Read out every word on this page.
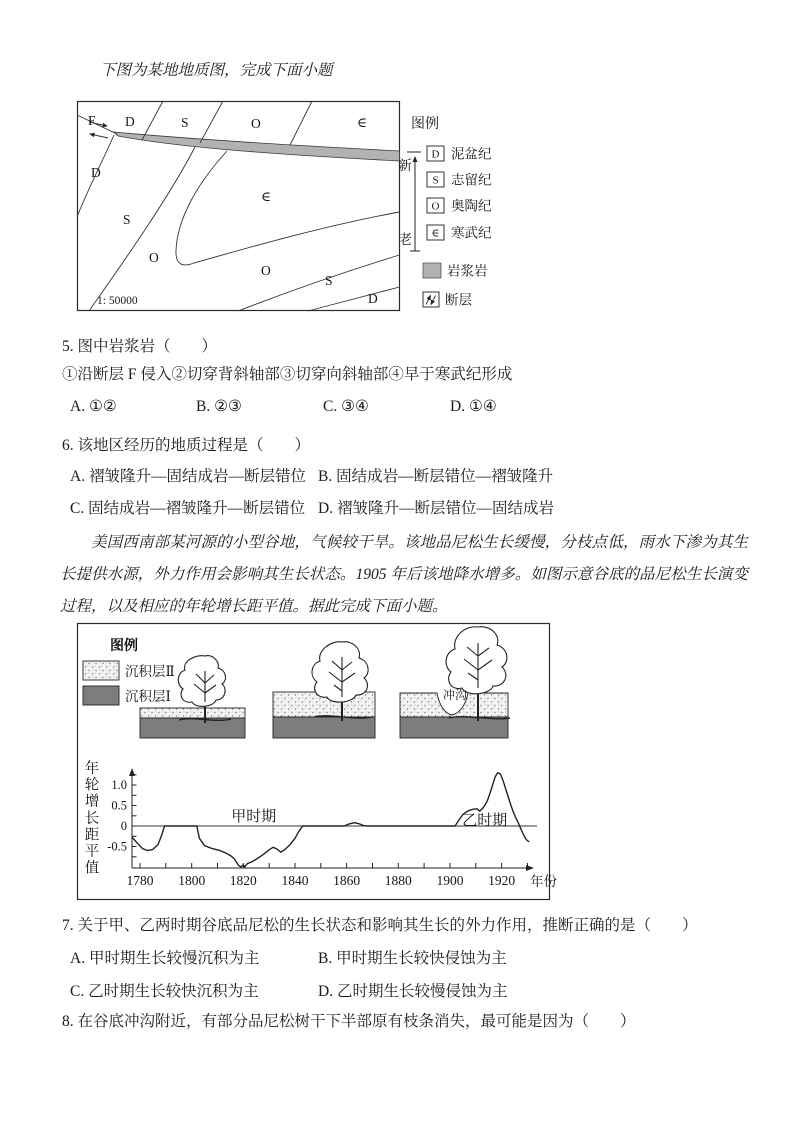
下图为某地地质图，完成下面小题
F D	S	O	∈
D
S
O
∈
O
S
D
1: 50000
新
老
图例
D 泥盆纪
S 志留纪
O 奥陶纪
∈ 寒武纪
岩浆岩
断层
5. 图中岩浆岩（　　）
①沿断层 F 侵入②切穿背斜轴部③切穿向斜轴部④早于寒武纪形成
A. ①②	B. ②③	C. ③④	D. ①④
6. 该地区经历的地质过程是（　　）
A. 褶皱隆升—固结成岩—断层错位 B. 固结成岩—断层错位—褶皱隆升
C. 固结成岩—褶皱隆升—断层错位 D. 褶皱隆升—断层错位—固结成岩
美国西南部某河源的小型谷地，气候较干旱。该地品尼松生长缓慢，分枝点低，雨水下渗为其生长提供水源，外力作用会影响其生长状态。1905 年后该地降水增多。如图示意谷底的品尼松生长演变过程，以及相应的年轮增长距平值。据此完成下面小题。
图例
沉积层Ⅱ
沉积层Ⅰ	冲沟
年份
1780 1800 1820 1840 1860 1880 1900 1920
1.0
0.5
0
-0.5
年
轮
增
长
距
平
值
甲时期	乙时期
7. 关于甲、乙两时期谷底品尼松的生长状态和影响其生长的外力作用，推断正确的是（　　）
A. 甲时期生长较慢沉积为主	B. 甲时期生长较快侵蚀为主
C. 乙时期生长较快沉积为主	D. 乙时期生长较慢侵蚀为主
8. 在谷底冲沟附近，有部分品尼松树干下半部原有枝条消失，最可能是因为（　　）
